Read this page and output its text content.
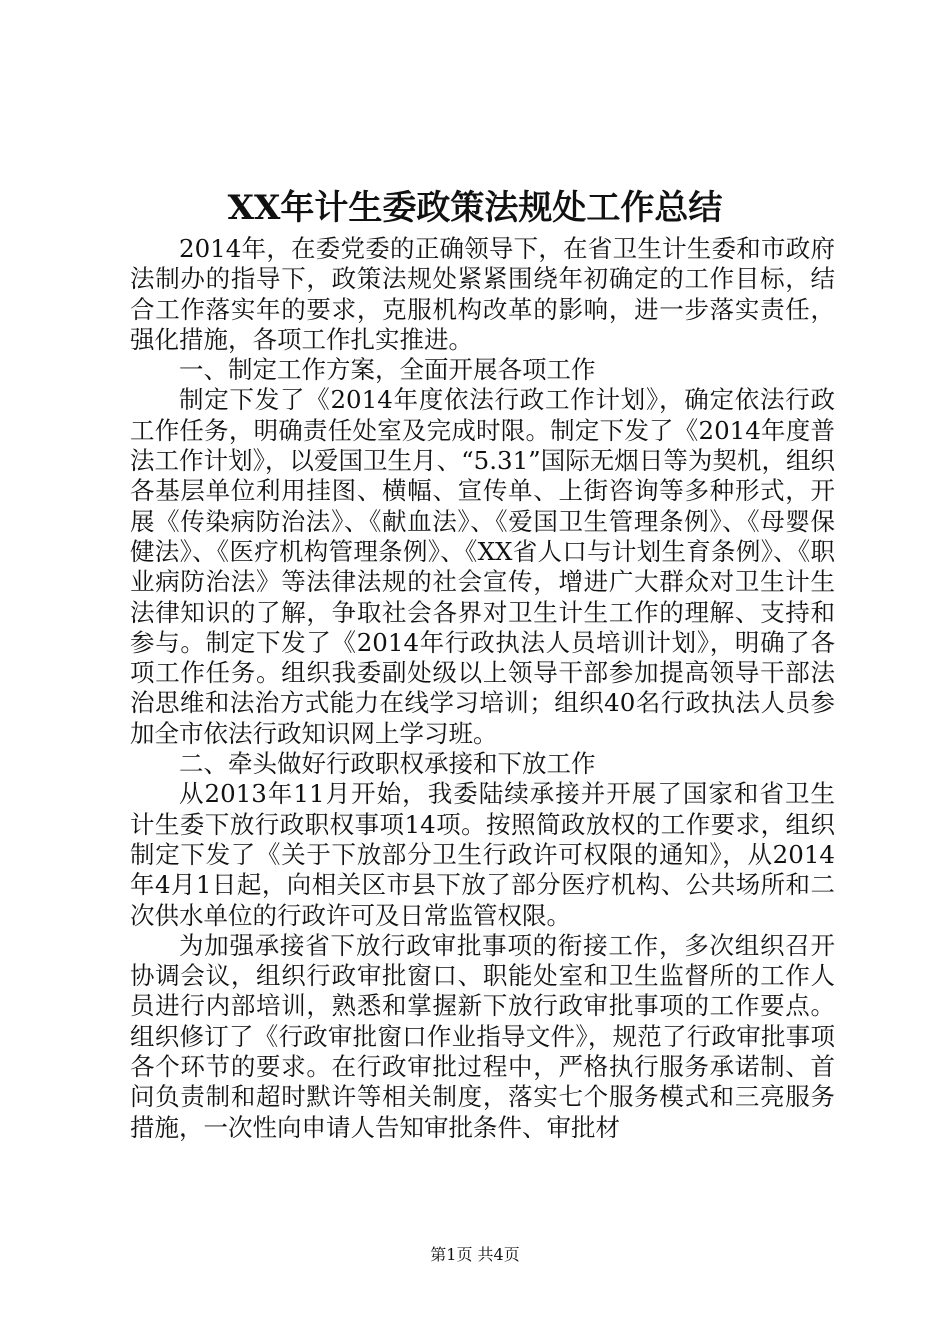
XX年计生委政策法规处工作总结

2014年，在委党委的正确领导下，在省卫生计生委和市政府法制办的指导下，政策法规处紧紧围绕年初确定的工作目标，结合工作落实年的要求，克服机构改革的影响，进一步落实责任，强化措施，各项工作扎实推进。

一、制定工作方案，全面开展各项工作

制定下发了《2014年度依法行政工作计划》，确定依法行政工作任务，明确责任处室及完成时限。制定下发了《2014年度普法工作计划》，以爱国卫生月、“5.31”国际无烟日等为契机，组织各基层单位利用挂图、横幅、宣传单、上街咨询等多种形式，开展《传染病防治法》、《献血法》、《爱国卫生管理条例》、《母婴保健法》、《医疗机构管理条例》、《XX省人口与计划生育条例》、《职业病防治法》等法律法规的社会宣传，增进广大群众对卫生计生法律知识的了解，争取社会各界对卫生计生工作的理解、支持和参与。制定下发了《2014年行政执法人员培训计划》，明确了各项工作任务。组织我委副处级以上领导干部参加提高领导干部法治思维和法治方式能力在线学习培训；组织40名行政执法人员参加全市依法行政知识网上学习班。

二、牵头做好行政职权承接和下放工作

从2013年11月开始，我委陆续承接并开展了国家和省卫生计生委下放行政职权事项14项。按照简政放权的工作要求，组织制定下发了《关于下放部分卫生行政许可权限的通知》，从2014年4月1日起，向相关区市县下放了部分医疗机构、公共场所和二次供水单位的行政许可及日常监管权限。

为加强承接省下放行政审批事项的衔接工作，多次组织召开协调会议，组织行政审批窗口、职能处室和卫生监督所的工作人员进行内部培训，熟悉和掌握新下放行政审批事项的工作要点。组织修订了《行政审批窗口作业指导文件》，规范了行政审批事项各个环节的要求。在行政审批过程中，严格执行服务承诺制、首问负责制和超时默许等相关制度，落实七个服务模式和三亮服务措施，一次性向申请人告知审批条件、审批材

第1页 共4页
